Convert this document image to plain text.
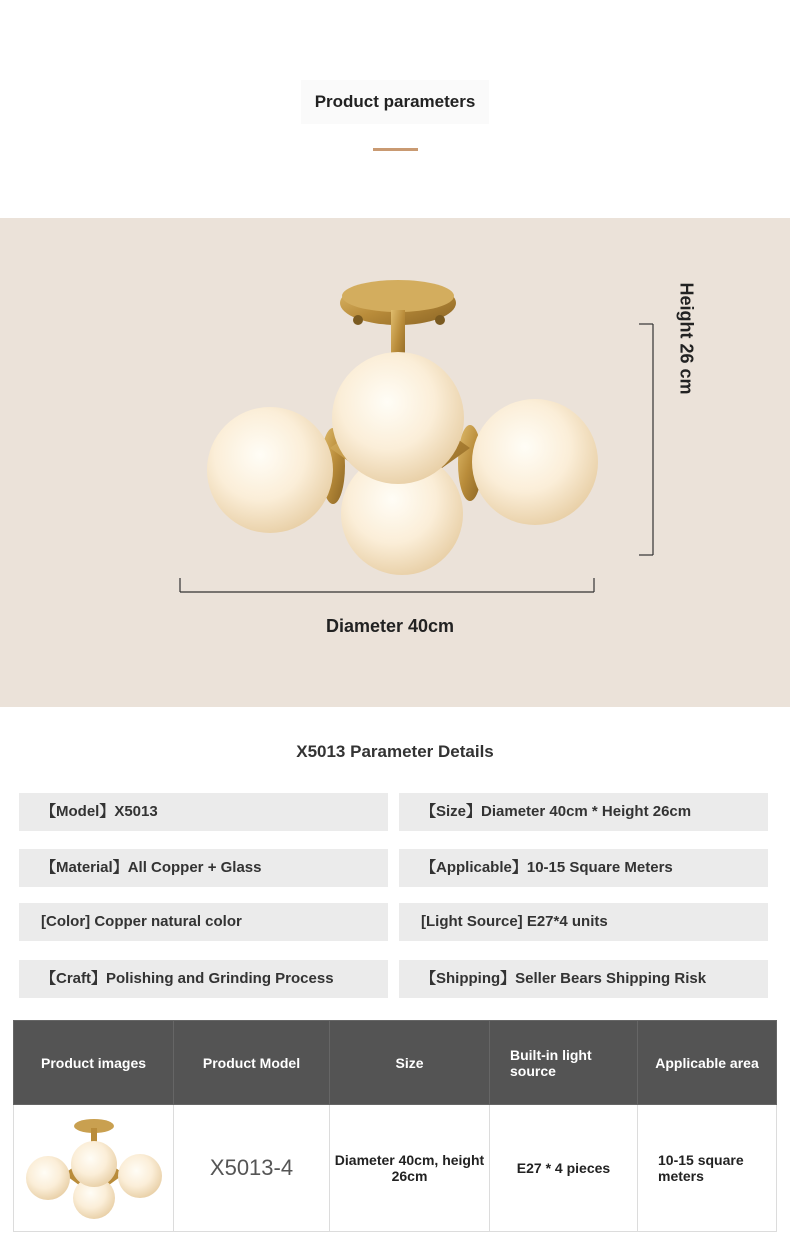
Product parameters
Diameter 40cm
Height 26 cm
X5013 Parameter Details
【Model】X5013	【Size】Diameter 40cm * Height 26cm
【Material】All Copper + Glass	【Applicable】10-15 Square Meters
[Color] Copper natural color	[Light Source] E27*4 units
【Craft】Polishing and Grinding Process	【Shipping】Seller Bears Shipping Risk
Product images	Product Model	Size	Built-in light source	Applicable area
	X5013-4	Diameter 40cm, height 26cm	E27 * 4 pieces	10-15 square meters
